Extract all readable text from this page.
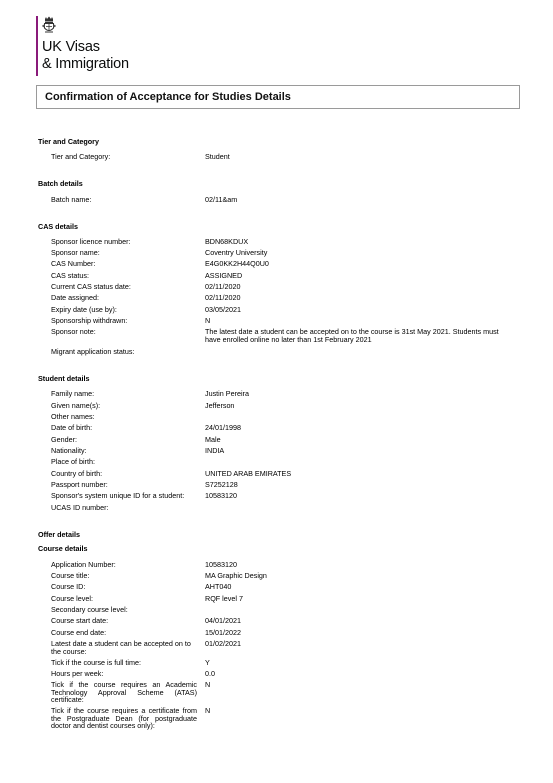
UK Visas
& Immigration
Confirmation of Acceptance for Studies Details
Tier and Category
Tier and Category:	Student
Batch details
Batch name:	02/11&am
CAS details
Sponsor licence number:	BDN68KDUX
Sponsor name:	Coventry University
CAS Number:	E4G0KK2H44Q0U0
CAS status:	ASSIGNED
Current CAS status date:	02/11/2020
Date assigned:	02/11/2020
Expiry date (use by):	03/05/2021
Sponsorship withdrawn:	N
Sponsor note:	The latest date a student can be accepted on to the course is 31st May 2021. Students must have enrolled online no later than 1st February 2021
Migrant application status:
Student details
Family name:	Justin Pereira
Given name(s):	Jefferson
Other names:
Date of birth:	24/01/1998
Gender:	Male
Nationality:	INDIA
Place of birth:
Country of birth:	UNITED ARAB EMIRATES
Passport number:	S7252128
Sponsor's system unique ID for a student:	10583120
UCAS ID number:
Offer details
Course details
Application Number:	10583120
Course title:	MA Graphic Design
Course ID:	AHT040
Course level:	RQF level 7
Secondary course level:
Course start date:	04/01/2021
Course end date:	15/01/2022
Latest date a student can be accepted on to the course:
01/02/2021
Tick if the course is full time:	Y
Hours per week:	0.0
Tick if the course requires an Academic Technology Approval Scheme (ATAS) certificate:
N
Tick if the course requires a certificate from the Postgraduate Dean (for postgraduate doctor and dentist courses only):
N
